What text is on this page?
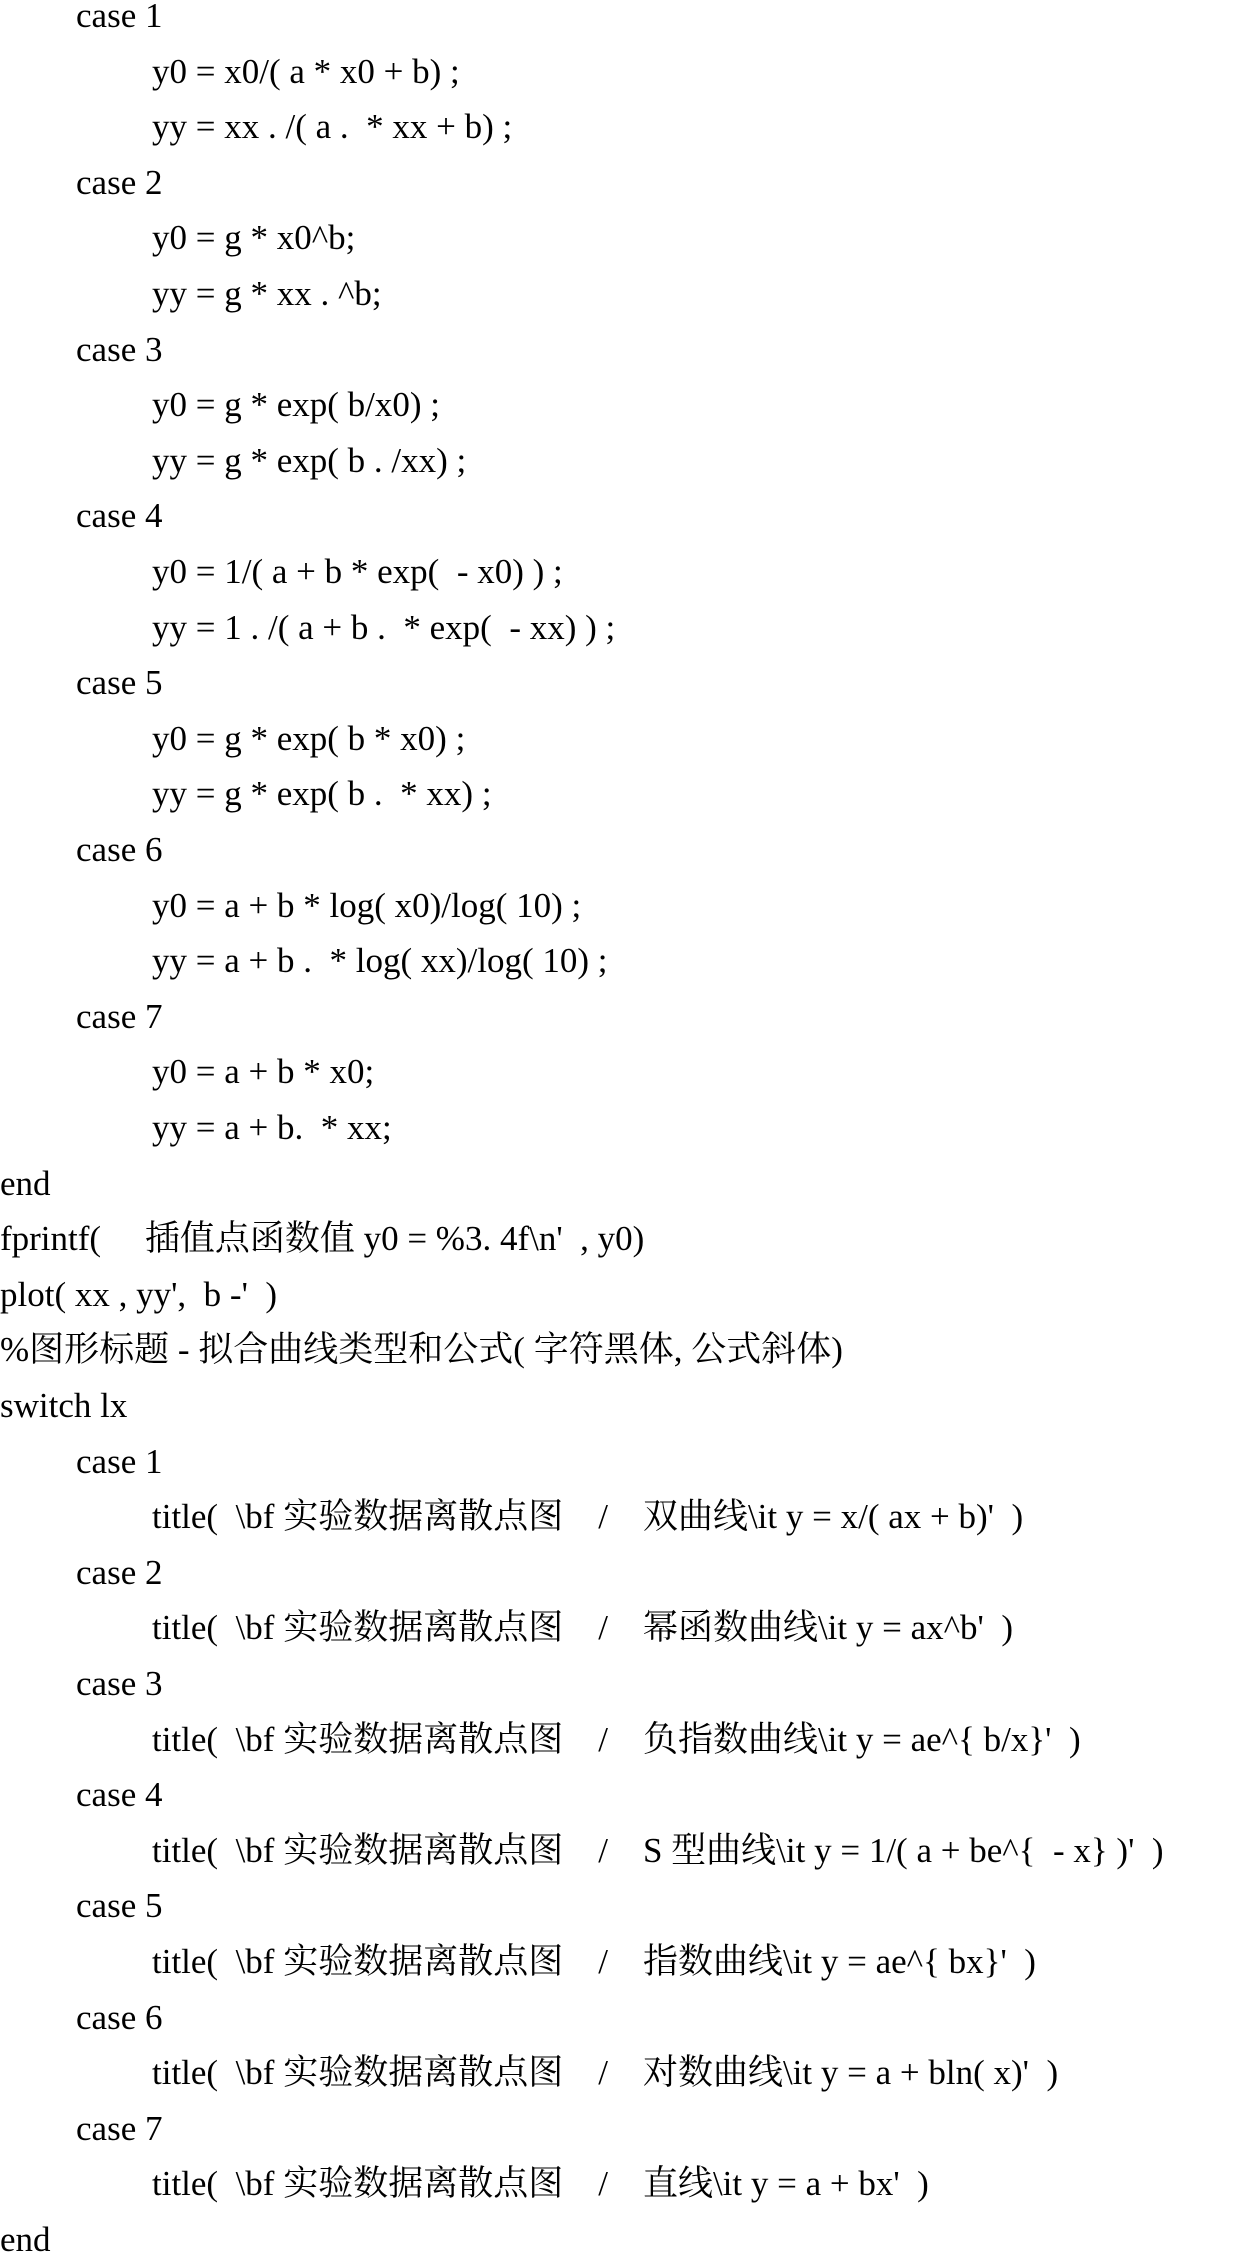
case 1
y0 = x0/( a * x0 + b) ;
yy = xx . /( a .  * xx + b) ;
case 2
y0 = g * x0^b;
yy = g * xx . ^b;
case 3
y0 = g * exp( b/x0) ;
yy = g * exp( b . /xx) ;
case 4
y0 = 1/( a + b * exp(  - x0) ) ;
yy = 1 . /( a + b .  * exp(  - xx) ) ;
case 5
y0 = g * exp( b * x0) ;
yy = g * exp( b .  * xx) ;
case 6
y0 = a + b * log( x0)/log( 10) ;
yy = a + b .  * log( xx)/log( 10) ;
case 7
y0 = a + b * x0;
yy = a + b.  * xx;
end
fprintf(     插值点函数值 y0 = %3. 4f\n'  , y0)
plot( xx , yy',  b -'  )
%图形标题 - 拟合曲线类型和公式( 字符黑体, 公式斜体)
switch lx
case 1
title(  \bf 实验数据离散点图    /    双曲线\it y = x/( ax + b)'  )
case 2
title(  \bf 实验数据离散点图    /    幂函数曲线\it y = ax^b'  )
case 3
title(  \bf 实验数据离散点图    /    负指数曲线\it y = ae^{ b/x}'  )
case 4
title(  \bf 实验数据离散点图    /    S 型曲线\it y = 1/( a + be^{  - x} )'  )
case 5
title(  \bf 实验数据离散点图    /    指数曲线\it y = ae^{ bx}'  )
case 6
title(  \bf 实验数据离散点图    /    对数曲线\it y = a + bln( x)'  )
case 7
title(  \bf 实验数据离散点图    /    直线\it y = a + bx'  )
end
